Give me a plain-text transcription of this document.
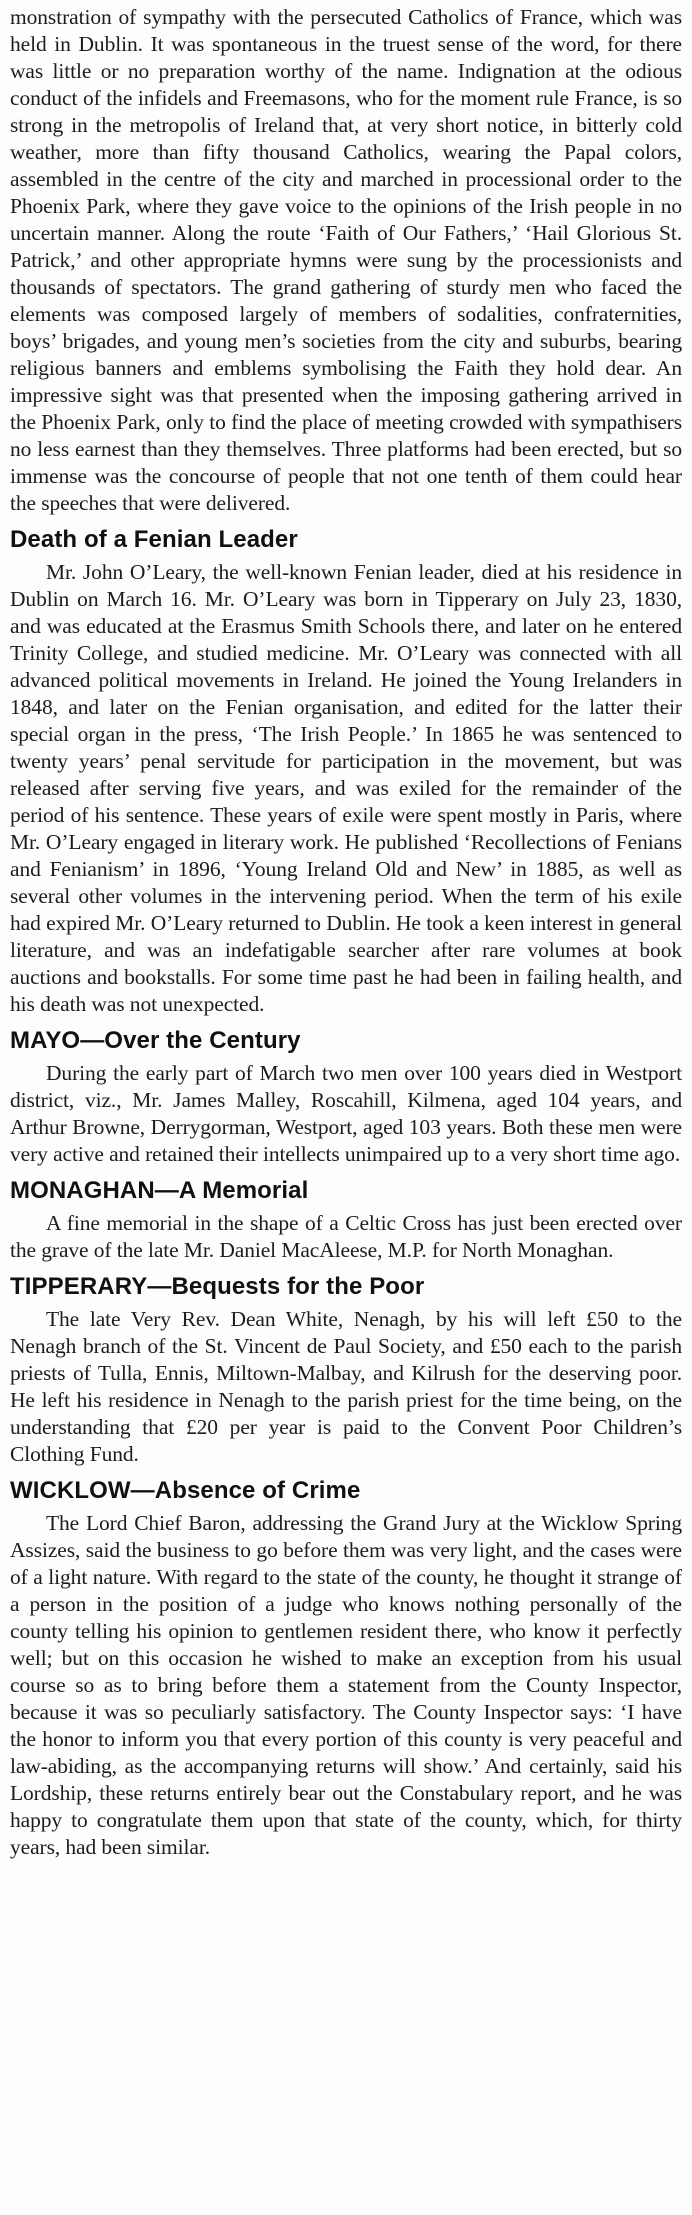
monstration of sympathy with the persecuted Catholics of France, which was held in Dublin. It was spontaneous in the truest sense of the word, for there was little or no preparation worthy of the name. Indignation at the odious conduct of the infidels and Freemasons, who for the moment rule France, is so strong in the metropolis of Ireland that, at very short notice, in bitterly cold weather, more than fifty thousand Catholics, wearing the Papal colors, assembled in the centre of the city and marched in processional order to the Phoenix Park, where they gave voice to the opinions of the Irish people in no uncertain manner. Along the route ‘Faith of Our Fathers,’ ‘Hail Glorious St. Patrick,’ and other appropriate hymns were sung by the processionists and thousands of spectators. The grand gathering of sturdy men who faced the elements was composed largely of members of sodalities, confraternities, boys’ brigades, and young men’s societies from the city and suburbs, bearing religious banners and emblems symbolising the Faith they hold dear. An impressive sight was that presented when the imposing gathering arrived in the Phoenix Park, only to find the place of meeting crowded with sympathisers no less earnest than they themselves. Three platforms had been erected, but so immense was the concourse of people that not one tenth of them could hear the speeches that were delivered.

Death of a Fenian Leader

Mr. John O’Leary, the well-known Fenian leader, died at his residence in Dublin on March 16. Mr. O’Leary was born in Tipperary on July 23, 1830, and was educated at the Erasmus Smith Schools there, and later on he entered Trinity College, and studied medicine. Mr. O’Leary was connected with all advanced political movements in Ireland. He joined the Young Irelanders in 1848, and later on the Fenian organisation, and edited for the latter their special organ in the press, ‘The Irish People.’ In 1865 he was sentenced to twenty years’ penal servitude for participation in the movement, but was released after serving five years, and was exiled for the remainder of the period of his sentence. These years of exile were spent mostly in Paris, where Mr. O’Leary engaged in literary work. He published ‘Recollections of Fenians and Fenianism’ in 1896, ‘Young Ireland Old and New’ in 1885, as well as several other volumes in the intervening period. When the term of his exile had expired Mr. O’Leary returned to Dublin. He took a keen interest in general literature, and was an indefatigable searcher after rare volumes at book auctions and bookstalls. For some time past he had been in failing health, and his death was not unexpected.

MAYO—Over the Century

During the early part of March two men over 100 years died in Westport district, viz., Mr. James Malley, Roscahill, Kilmena, aged 104 years, and Arthur Browne, Derrygorman, Westport, aged 103 years. Both these men were very active and retained their intellects unimpaired up to a very short time ago.

MONAGHAN—A Memorial

A fine memorial in the shape of a Celtic Cross has just been erected over the grave of the late Mr. Daniel MacAleese, M.P. for North Monaghan.

TIPPERARY—Bequests for the Poor

The late Very Rev. Dean White, Nenagh, by his will left £50 to the Nenagh branch of the St. Vincent de Paul Society, and £50 each to the parish priests of Tulla, Ennis, Miltown-Malbay, and Kilrush for the deserving poor. He left his residence in Nenagh to the parish priest for the time being, on the understanding that £20 per year is paid to the Convent Poor Children’s Clothing Fund.

WICKLOW—Absence of Crime

The Lord Chief Baron, addressing the Grand Jury at the Wicklow Spring Assizes, said the business to go before them was very light, and the cases were of a light nature. With regard to the state of the county, he thought it strange of a person in the position of a judge who knows nothing personally of the county telling his opinion to gentlemen resident there, who know it perfectly well; but on this occasion he wished to make an exception from his usual course so as to bring before them a statement from the County Inspector, because it was so peculiarly satisfactory. The County Inspector says: ‘I have the honor to inform you that every portion of this county is very peaceful and law-abiding, as the accompanying returns will show.’ And certainly, said his Lordship, these returns entirely bear out the Constabulary report, and he was happy to congratulate them upon that state of the county, which, for thirty years, had been similar.
